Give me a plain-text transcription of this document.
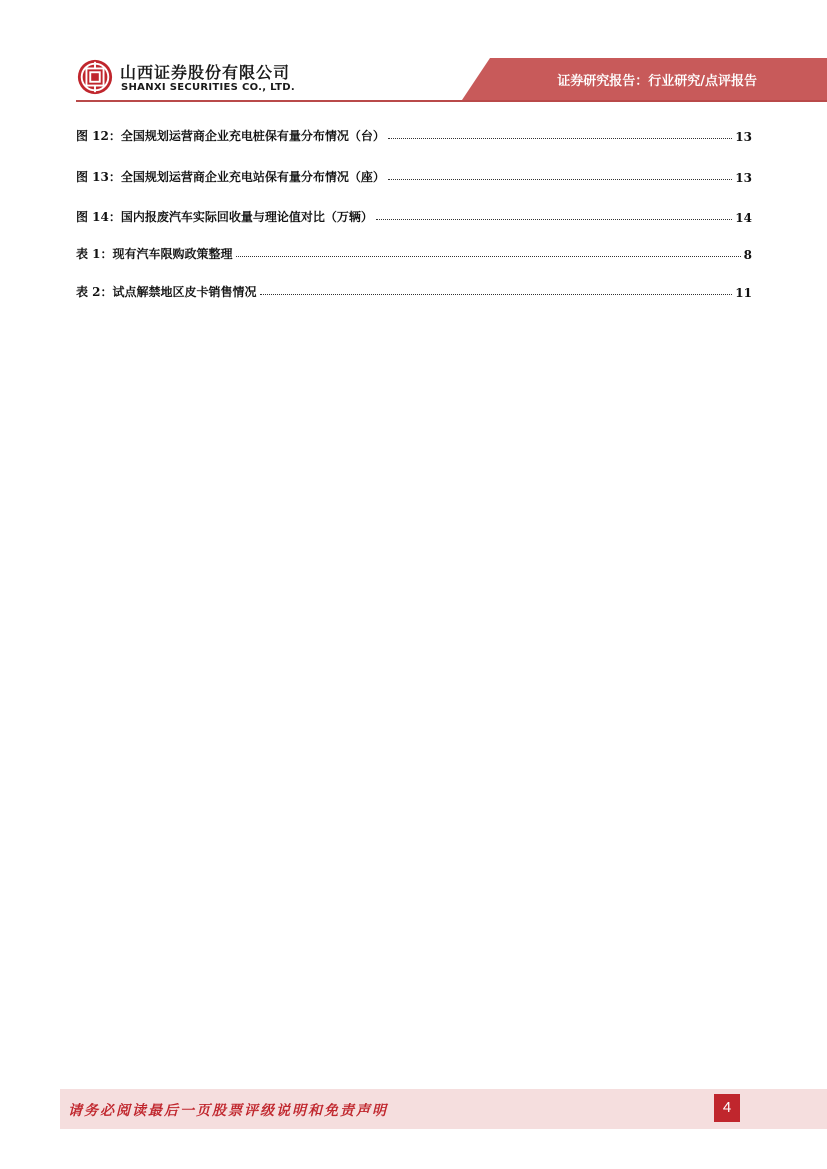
山西证券股份有限公司
SHANXI SECURITIES CO., LTD.	证券研究报告：行业研究/点评报告
图 12：全国规划运营商企业充电桩保有量分布情况（台）	13
图 13：全国规划运营商企业充电站保有量分布情况（座）	13
图 14：国内报废汽车实际回收量与理论值对比（万辆）	14
表 1：现有汽车限购政策整理	8
表 2：试点解禁地区皮卡销售情况	11
请务必阅读最后一页股票评级说明和免责声明	4
